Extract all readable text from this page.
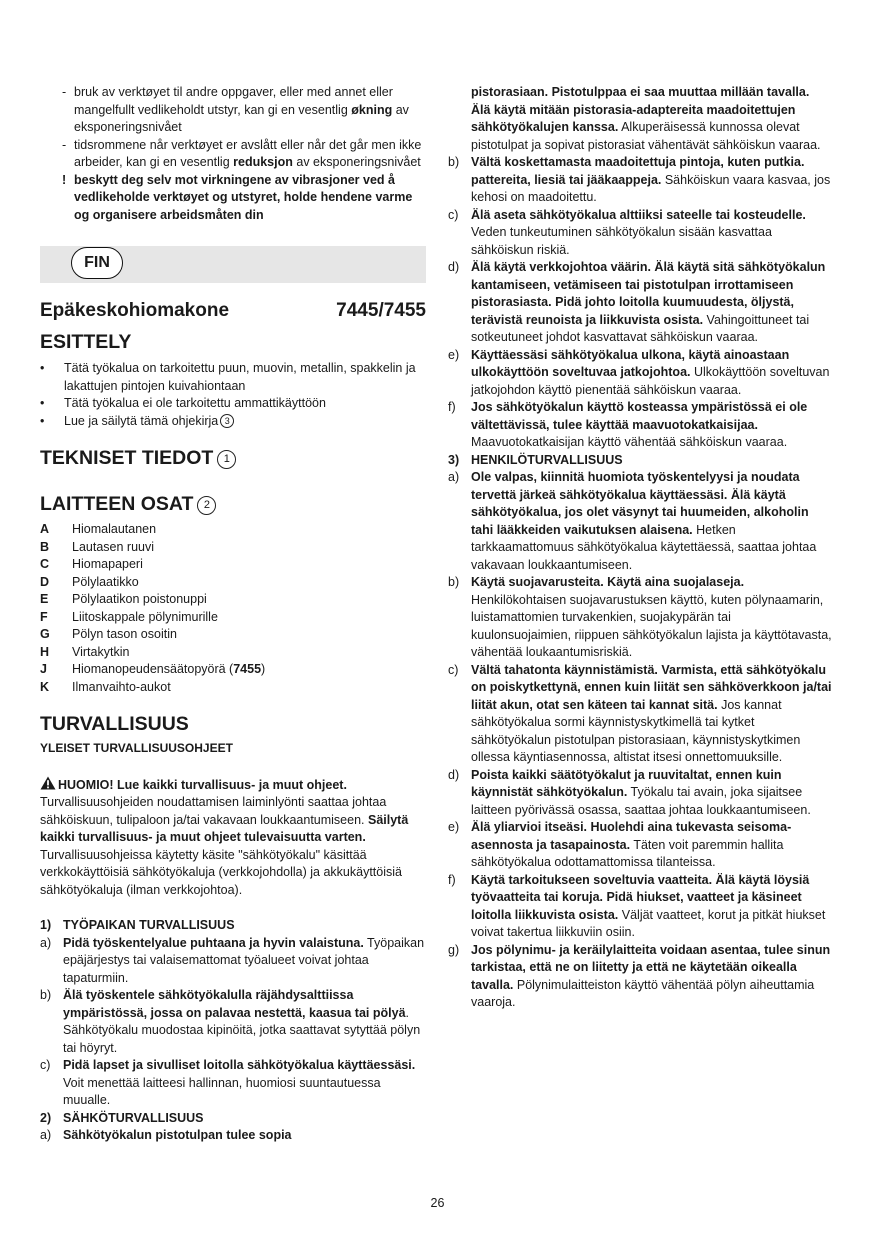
- bruk av verktøyet til andre oppgaver, eller med annet eller mangelfullt vedlikeholdt utstyr, kan gi en vesentlig økning av eksponeringsnivået
- tidsrommene når verktøyet er avslått eller når det går men ikke arbeider, kan gi en vesentlig reduksjon av eksponeringsnivået
! beskytt deg selv mot virkningene av vibrasjoner ved å vedlikeholde verktøyet og utstyret, holde hendene varme og organisere arbeidsmåten din
FIN
Epäkeskohiomakone	7445/7455
ESITTELY
•	Tätä työkalua on tarkoitettu puun, muovin, metallin, spakkelin ja lakattujen pintojen kuivahiontaan
•	Tätä työkalua ei ole tarkoitettu ammattikäyttöön
•	Lue ja säilytä tämä ohjekirja 3
TEKNISET TIEDOT 1
LAITTEEN OSAT 2
A	Hiomalautanen
B	Lautasen ruuvi
C	Hiomapaperi
D	Pölylaatikko
E	Pölylaatikon poistonuppi
F	Liitoskappale pölynimurille
G	Pölyn tason osoitin
H	Virtakytkin
J	Hiomanopeudensäätopyörä (7455)
K	Ilmanvaihto-aukot
TURVALLISUUS
YLEISET TURVALLISUUSOHJEET
HUOMIO! Lue kaikki turvallisuus- ja muut ohjeet. Turvallisuusohjeiden noudattamisen laiminlyönti saattaa johtaa sähköiskuun, tulipaloon ja/tai vakavaan loukkaantumiseen. Säilytä kaikki turvallisuus- ja muut ohjeet tulevaisuutta varten. Turvallisuusohjeissa käytetty käsite "sähkötyökalu" käsittää verkkokäyttöisiä sähkötyökaluja (verkkojohdolla) ja akkukäyttöisiä sähkötyökaluja (ilman verkkojohtoa).
1) TYÖPAIKAN TURVALLISUUS
a) Pidä työskentelyalue puhtaana ja hyvin valaistuna. Työpaikan epäjärjestys tai valaisemattomat työalueet voivat johtaa tapaturmiin.
b) Älä työskentele sähkötyökalulla räjähdysalttiissa ympäristössä, jossa on palavaa nestettä, kaasua tai pölyä. Sähkötyökalu muodostaa kipinöitä, jotka saattavat sytyttää pölyn tai höyryt.
c)	Pidä lapset ja sivulliset loitolla sähkötyökalua käyttäessäsi. Voit menettää laitteesi hallinnan, huomiosi suuntautuessa muualle.
2) SÄHKÖTURVALLISUUS
a) Sähkötyökalun pistotulpan tulee sopia
pistorasiaan. Pistotulppaa ei saa muuttaa millään tavalla. Älä käytä mitään pistorasia-adaptereita maadoitettujen sähkötyökalujen kanssa. Alkuperäisessä kunnossa olevat pistotulpat ja sopivat pistorasiat vähentävät sähköiskun vaaraa.
b) Vältä koskettamasta maadoitettuja pintoja, kuten putkia. pattereita, liesiä tai jääkaappeja. Sähköiskun vaara kasvaa, jos kehosi on maadoitettu.
c)	Älä aseta sähkötyökalua alttiiksi sateelle tai kosteudelle. Veden tunkeutuminen sähkötyökalun sisään kasvattaa sähköiskun riskiä.
d) Älä käytä verkkojohtoa väärin. Älä käytä sitä sähkötyökalun kantamiseen, vetämiseen tai pistotulpan irrottamiseen pistorasiasta. Pidä johto loitolla kuumuudesta, öljystä, terävistä reunoista ja liikkuvista osista. Vahingoittuneet tai sotkeutuneet johdot kasvattavat sähköiskun vaaraa.
e) Käyttäessäsi sähkötyökalua ulkona, käytä ainoastaan ulkokäyttöön soveltuvaa jatkojohtoa. Ulkokäyttöön soveltuvan jatkojohdon käyttö pienentää sähköiskun vaaraa.
f)	Jos sähkötyökalun käyttö kosteassa ympäristössä ei ole vältettävissä, tulee käyttää maavuotokatkaisijaa. Maavuotokatkaisijan käyttö vähentää sähköiskun vaaraa.
3) HENKILÖTURVALLISUUS
a) Ole valpas, kiinnitä huomiota työskentelyysi ja noudata tervettä järkeä sähkötyökalua käyttäessäsi. Älä käytä sähkötyökalua, jos olet väsynyt tai huumeiden, alkoholin tahi lääkkeiden vaikutuksen alaisena. Hetken tarkkaamattomuus sähkötyökalua käytettäessä, saattaa johtaa vakavaan loukkaantumiseen.
b) Käytä suojavarusteita. Käytä aina suojalaseja. Henkilökohtaisen suojavarustuksen käyttö, kuten pölynaamarin, luistamattomien turvakenkien, suojakypärän tai kuulonsuojaimien, riippuen sähkötyökalun lajista ja käyttötavasta, vähentää loukaantumisriskiä.
c)	Vältä tahatonta käynnistämistä. Varmista, että sähkötyökalu on poiskytkettynä, ennen kuin liität sen sähköverkkoon ja/tai liität akun, otat sen käteen tai kannat sitä. Jos kannat sähkötyökalua sormi käynnistyskytkimellä tai kytket sähkötyökalun pistotulpan pistorasiaan, käynnistyskytkimen ollessa käyntiasennossa, altistat itsesi onnettomuuksille.
d) Poista kaikki säätötyökalut ja ruuvitaltat, ennen kuin käynnistät sähkötyökalun. Työkalu tai avain, joka sijaitsee laitteen pyörivässä osassa, saattaa johtaa loukkaantumiseen.
e) Älä yliarvioi itseäsi. Huolehdi aina tukevasta seisoma-asennosta ja tasapainosta. Täten voit paremmin hallita sähkötyökalua odottamattomissa tilanteissa.
f)	Käytä tarkoitukseen soveltuvia vaatteita. Älä käytä löysiä työvaatteita tai koruja. Pidä hiukset, vaatteet ja käsineet loitolla liikkuvista osista. Väljät vaatteet, korut ja pitkät hiukset voivat takertua liikkuviin osiin.
g) Jos pölynimu- ja keräilylaitteita voidaan asentaa, tulee sinun tarkistaa, että ne on liitetty ja että ne käytetään oikealla tavalla. Pölynimulaitteiston käyttö vähentää pölyn aiheuttamia vaaroja.
26
